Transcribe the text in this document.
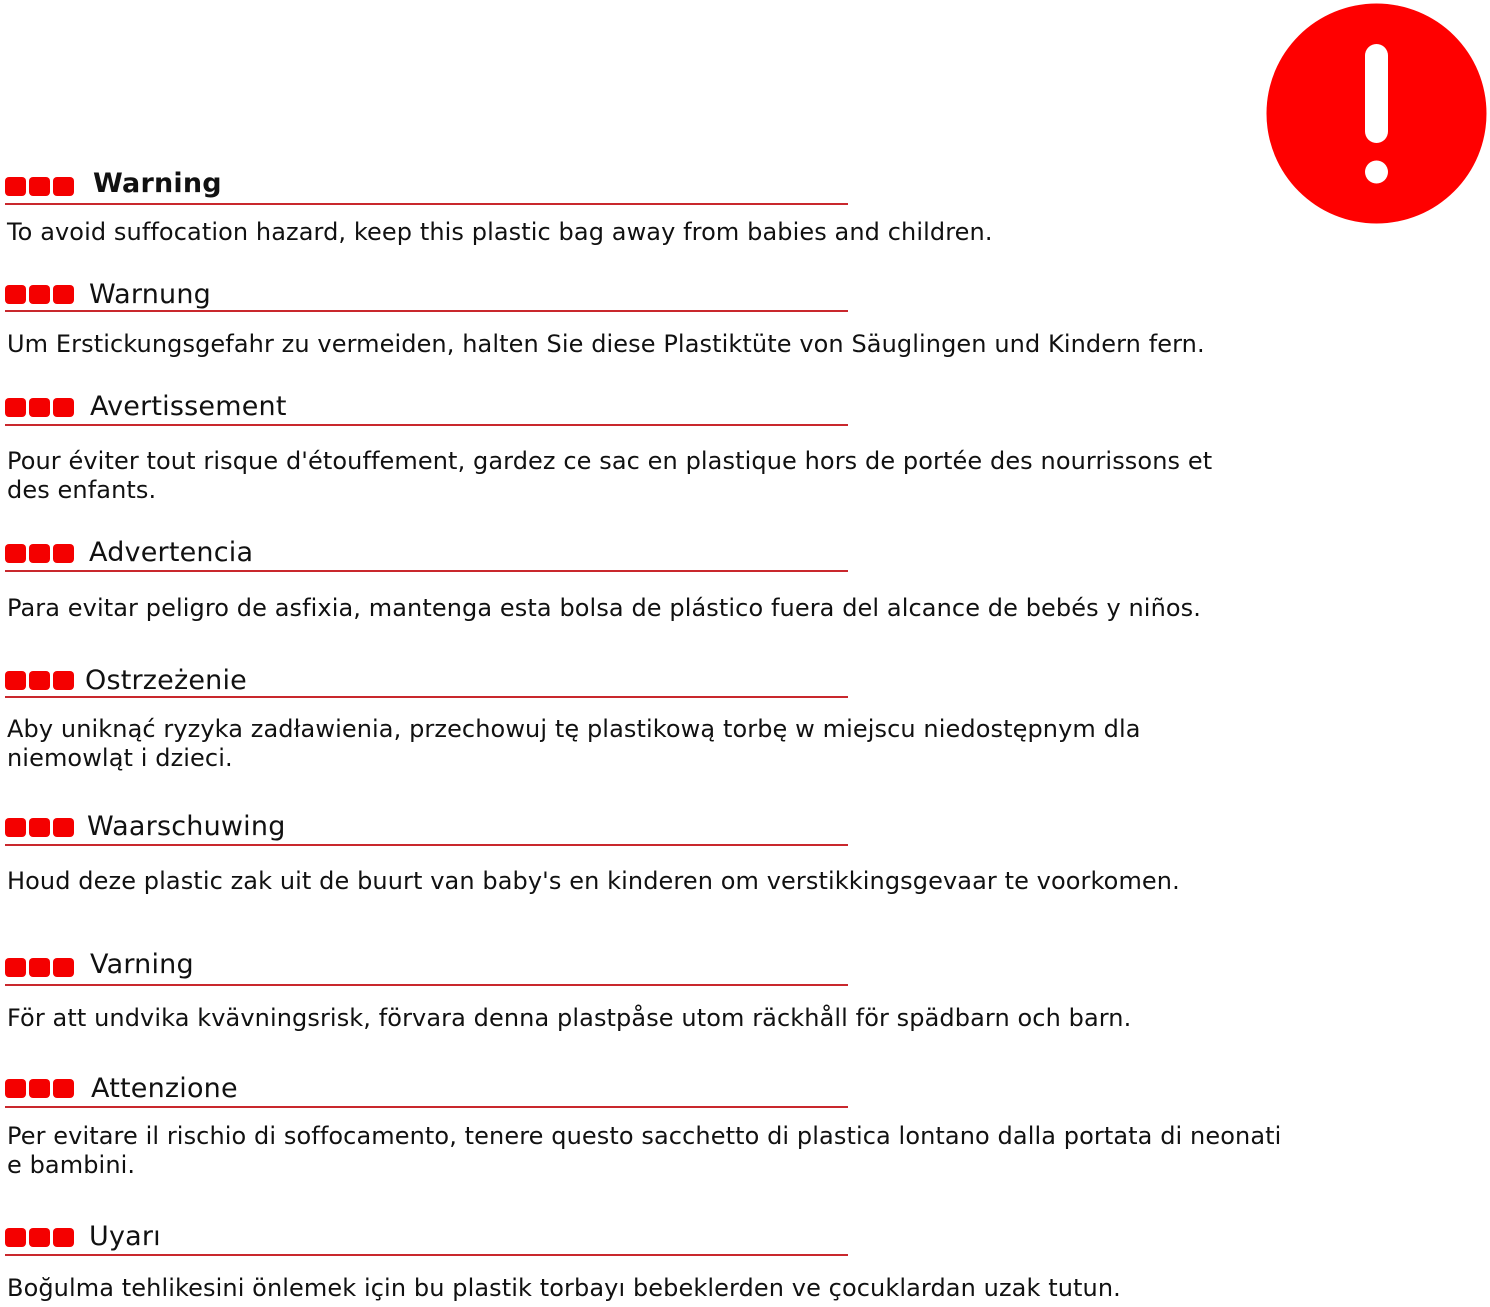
Warning
To avoid suffocation hazard, keep this plastic bag away from babies and children.
Warnung
Um Erstickungsgefahr zu vermeiden, halten Sie diese Plastiktüte von Säuglingen und Kindern fern.
Avertissement
Pour éviter tout risque d'étouffement, gardez ce sac en plastique hors de portée des nourrissons et des enfants.
Advertencia
Para evitar peligro de asfixia, mantenga esta bolsa de plástico fuera del alcance de bebés y niños.
Ostrzeżenie
Aby uniknąć ryzyka zadławienia, przechowuj tę plastikową torbę w miejscu niedostępnym dla niemowląt i dzieci.
Waarschuwing
Houd deze plastic zak uit de buurt van baby's en kinderen om verstikkingsgevaar te voorkomen.
Varning
För att undvika kvävningsrisk, förvara denna plastpåse utom räckhåll för spädbarn och barn.
Attenzione
Per evitare il rischio di soffocamento, tenere questo sacchetto di plastica lontano dalla portata di neonati e bambini.
Uyarı
Boğulma tehlikesini önlemek için bu plastik torbayı bebeklerden ve çocuklardan uzak tutun.
